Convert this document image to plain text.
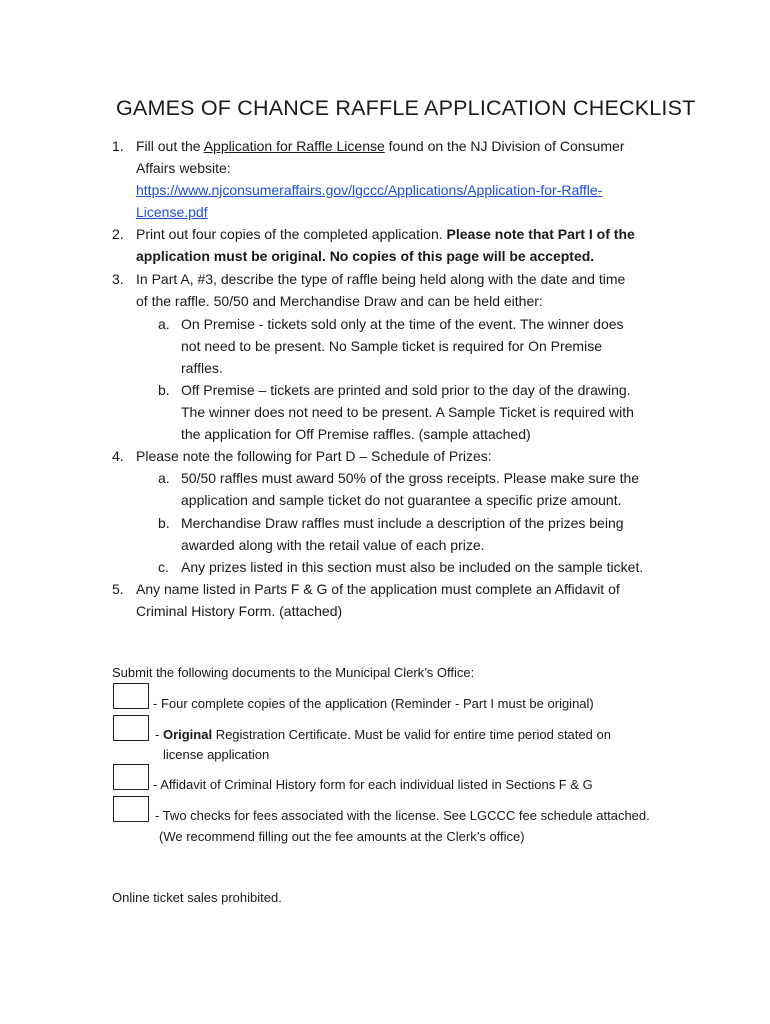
GAMES OF CHANCE RAFFLE APPLICATION CHECKLIST
1. Fill out the Application for Raffle License found on the NJ Division of Consumer
Affairs website:
https://www.njconsumeraffairs.gov/lgccc/Applications/Application-for-Raffle-
License.pdf
2. Print out four copies of the completed application. Please note that Part I of the
application must be original. No copies of this page will be accepted.
3. In Part A, #3, describe the type of raffle being held along with the date and time
of the raffle. 50/50 and Merchandise Draw and can be held either:
a. On Premise - tickets sold only at the time of the event. The winner does
not need to be present. No Sample ticket is required for On Premise
raffles.
b. Off Premise – tickets are printed and sold prior to the day of the drawing.
The winner does not need to be present. A Sample Ticket is required with
the application for Off Premise raffles. (sample attached)
4. Please note the following for Part D – Schedule of Prizes:
a. 50/50 raffles must award 50% of the gross receipts. Please make sure the
application and sample ticket do not guarantee a specific prize amount.
b. Merchandise Draw raffles must include a description of the prizes being
awarded along with the retail value of each prize.
c. Any prizes listed in this section must also be included on the sample ticket.
5. Any name listed in Parts F & G of the application must complete an Affidavit of
Criminal History Form. (attached)
Submit the following documents to the Municipal Clerk’s Office:
- Four complete copies of the application (Reminder - Part I must be original)
- Original Registration Certificate. Must be valid for entire time period stated on
license application
- Affidavit of Criminal History form for each individual listed in Sections F & G
- Two checks for fees associated with the license. See LGCCC fee schedule attached.
(We recommend filling out the fee amounts at the Clerk’s office)
Online ticket sales prohibited.
